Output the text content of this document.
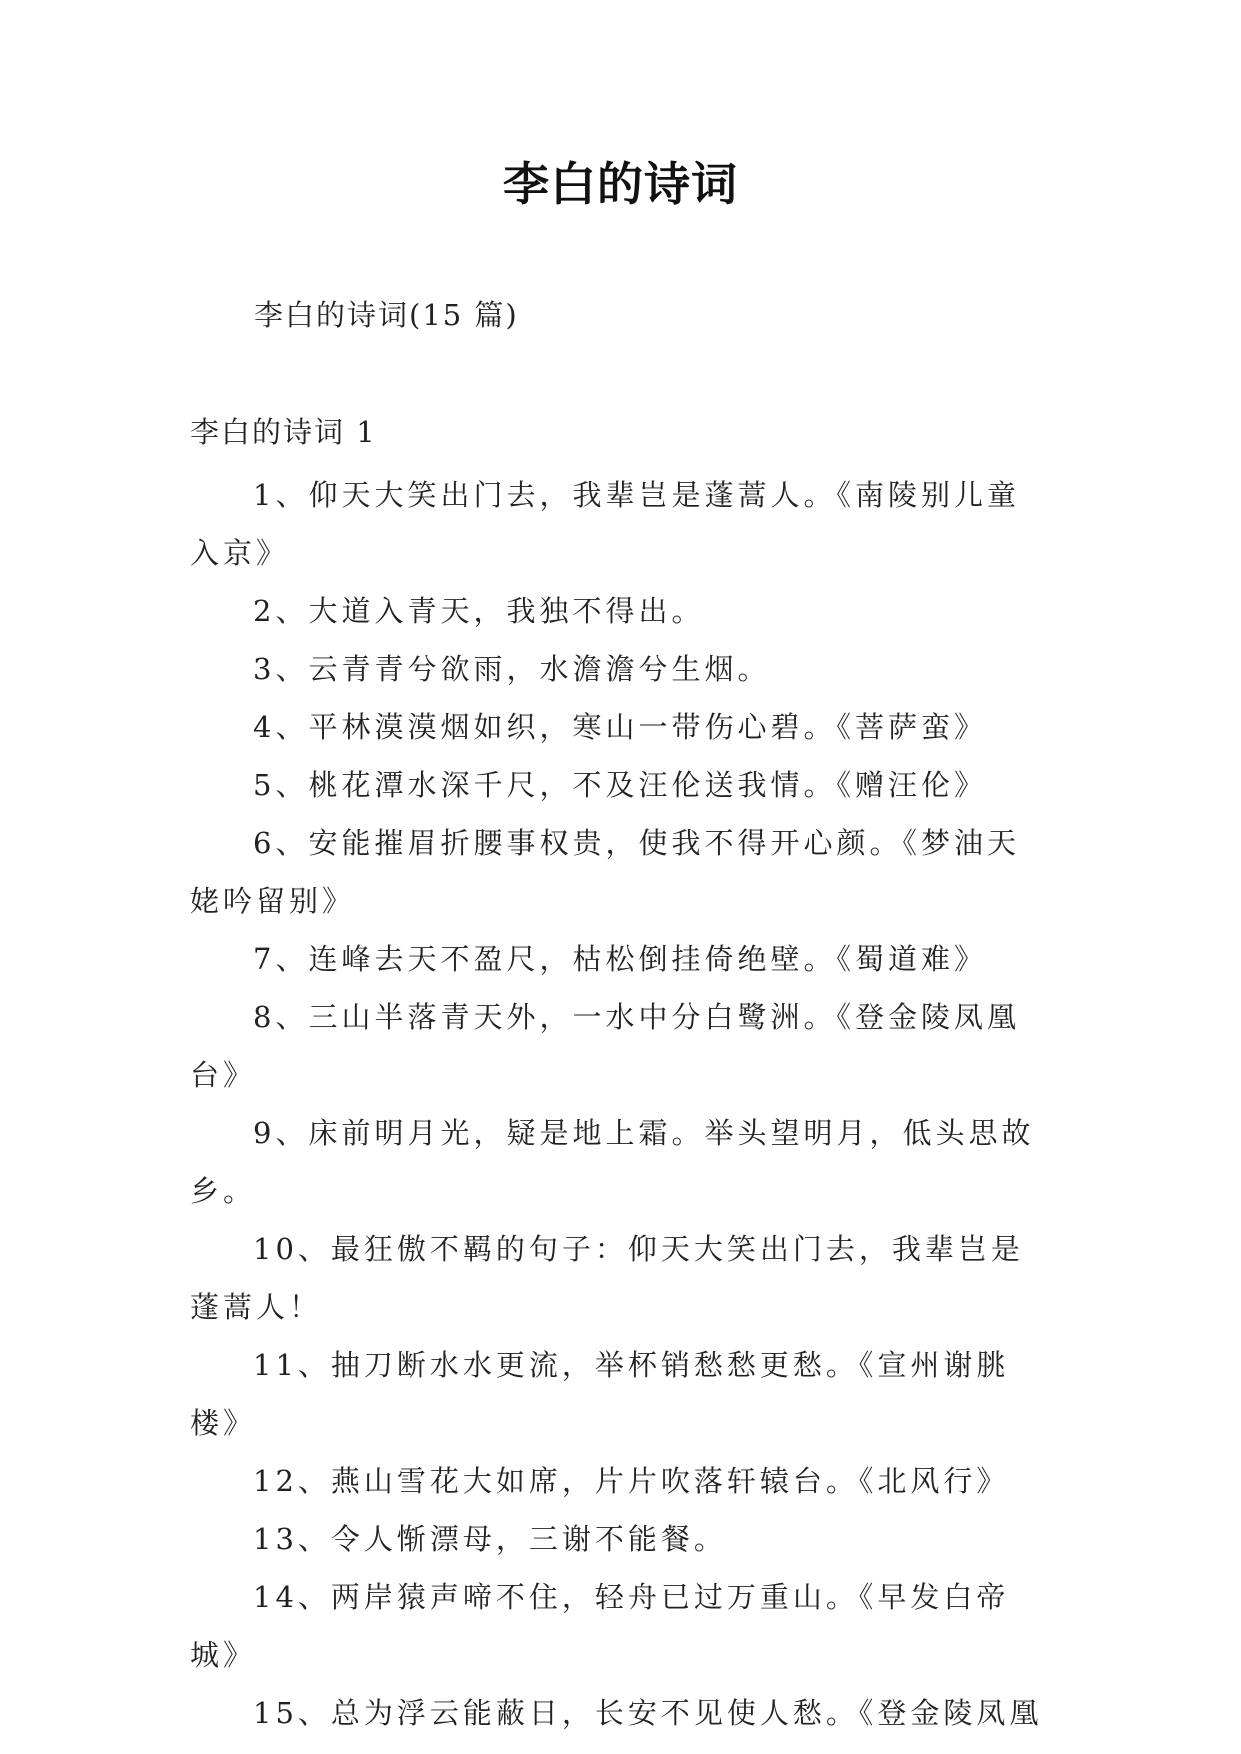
李白的诗词

李白的诗词(15 篇)

李白的诗词 1

1、仰天大笑出门去，我辈岂是蓬蒿人。《南陵别儿童入京》

2、大道入青天，我独不得出。

3、云青青兮欲雨，水澹澹兮生烟。

4、平林漠漠烟如织，寒山一带伤心碧。《菩萨蛮》

5、桃花潭水深千尺，不及汪伦送我情。《赠汪伦》

6、安能摧眉折腰事权贵，使我不得开心颜。《梦油天姥吟留别》

7、连峰去天不盈尺，枯松倒挂倚绝壁。《蜀道难》

8、三山半落青天外，一水中分白鹭洲。《登金陵凤凰台》

9、床前明月光，疑是地上霜。举头望明月，低头思故乡。

10、最狂傲不羁的句子：仰天大笑出门去，我辈岂是蓬蒿人！

11、抽刀断水水更流，举杯销愁愁更愁。《宣州谢朓楼》

12、燕山雪花大如席，片片吹落轩辕台。《北风行》

13、令人惭漂母，三谢不能餐。

14、两岸猿声啼不住，轻舟已过万重山。《早发白帝城》

15、总为浮云能蔽日，长安不见使人愁。《登金陵凤凰
